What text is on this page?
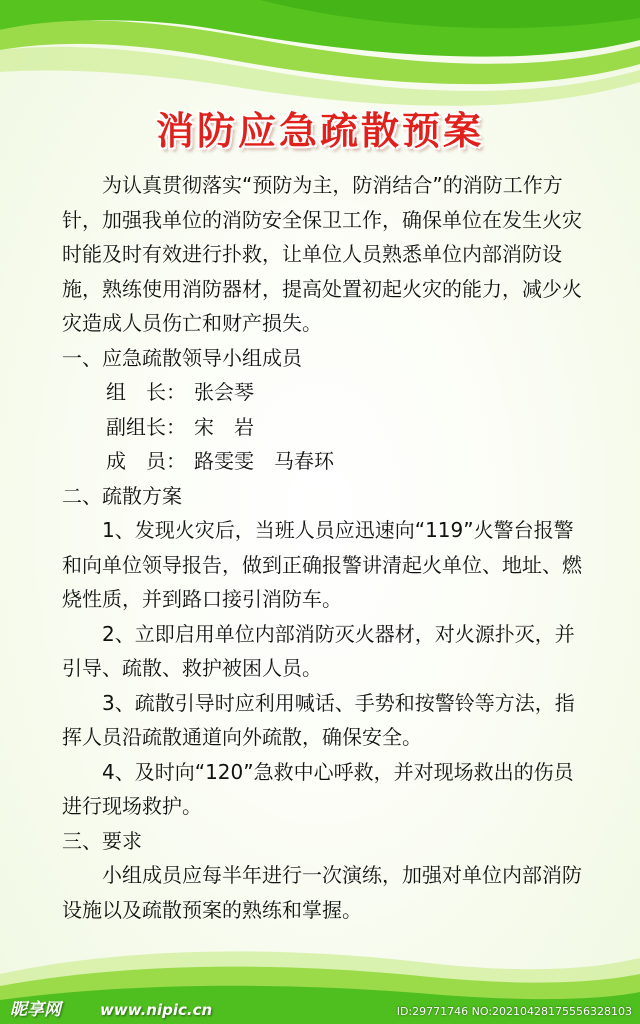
消防应急疏散预案

为认真贯彻落实“预防为主，防消结合”的消防工作方针，加强我单位的消防安全保卫工作，确保单位在发生火灾时能及时有效进行扑救，让单位人员熟悉单位内部消防设施，熟练使用消防器材，提高处置初起火灾的能力，减少火灾造成人员伤亡和财产损失。

一、应急疏散领导小组成员

组　长： 张会琴

副组长： 宋　岩

成　员： 路雯雯　马春环

二、疏散方案

1、发现火灾后，当班人员应迅速向“119”火警台报警和向单位领导报告，做到正确报警讲清起火单位、地址、燃烧性质，并到路口接引消防车。

2、立即启用单位内部消防灭火器材，对火源扑灭，并引导、疏散、救护被困人员。

3、疏散引导时应利用喊话、手势和按警铃等方法，指挥人员沿疏散通道向外疏散，确保安全。

4、及时向“120”急救中心呼救，并对现场救出的伤员进行现场救护。

三、要求

小组成员应每半年进行一次演练，加强对单位内部消防设施以及疏散预案的熟练和掌握。

昵享网	www.nipic.cn	ID:29771746 NO:20210428175556328103
